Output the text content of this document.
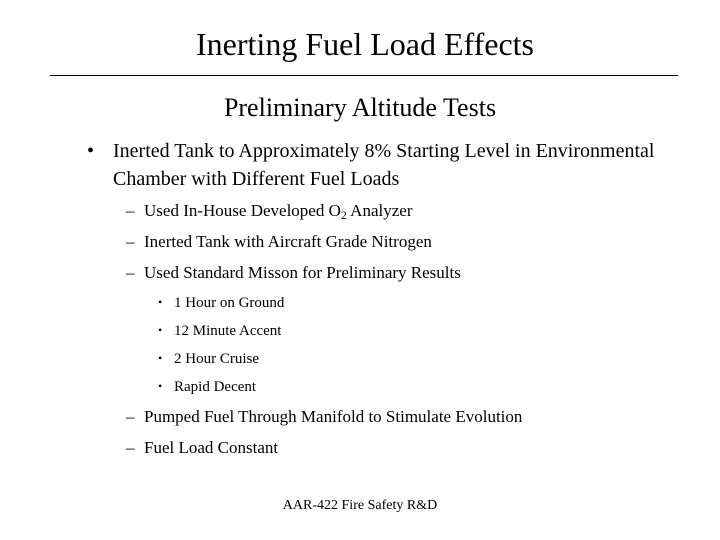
Inerting Fuel Load Effects
Preliminary Altitude Tests
• Inerted Tank to Approximately 8% Starting Level in Environmental Chamber with Different Fuel Loads
– Used In-House Developed $O_2$ Analyzer
– Inerted Tank with Aircraft Grade Nitrogen
– Used Standard Misson for Preliminary Results
• 1 Hour on Ground
• 12 Minute Accent
• 2 Hour Cruise
• Rapid Decent
– Pumped Fuel Through Manifold to Stimulate Evolution
– Fuel Load Constant
AAR-422 Fire Safety R&D
